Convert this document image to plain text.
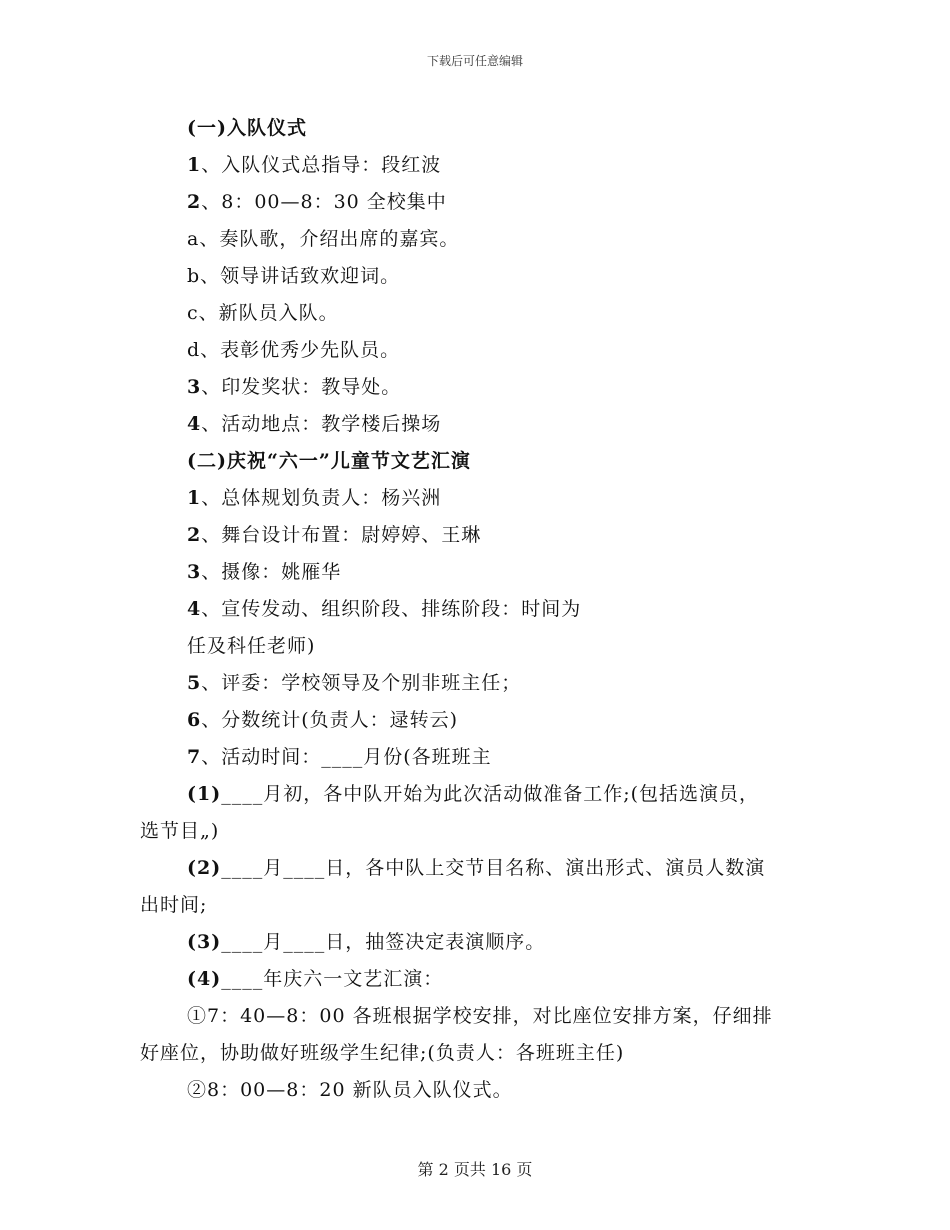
下载后可任意编辑
(一)入队仪式
1、入队仪式总指导：段红波
2、8：00—8：30 全校集中
a、奏队歌，介绍出席的嘉宾。
b、领导讲话致欢迎词。
c、新队员入队。
d、表彰优秀少先队员。
3、印发奖状：教导处。
4、活动地点：教学楼后操场
(二)庆祝“六一”儿童节文艺汇演
1、总体规划负责人：杨兴洲
2、舞台设计布置：尉婷婷、王琳
3、摄像：姚雁华
4、宣传发动、组织阶段、排练阶段：时间为
任及科任老师)
5、评委：学校领导及个别非班主任；
6、分数统计(负责人：逯转云)
7、活动时间：____月份(各班班主
(1)____月初，各中队开始为此次活动做准备工作;(包括选演员，
选节目„)
(2)____月____日，各中队上交节目名称、演出形式、演员人数演
出时间;
(3)____月____日，抽签决定表演顺序。
(4)____年庆六一文艺汇演：
①7：40—8：00 各班根据学校安排，对比座位安排方案，仔细排
好座位，协助做好班级学生纪律;(负责人：各班班主任)
②8：00—8：20 新队员入队仪式。
第 2 页共 16 页
